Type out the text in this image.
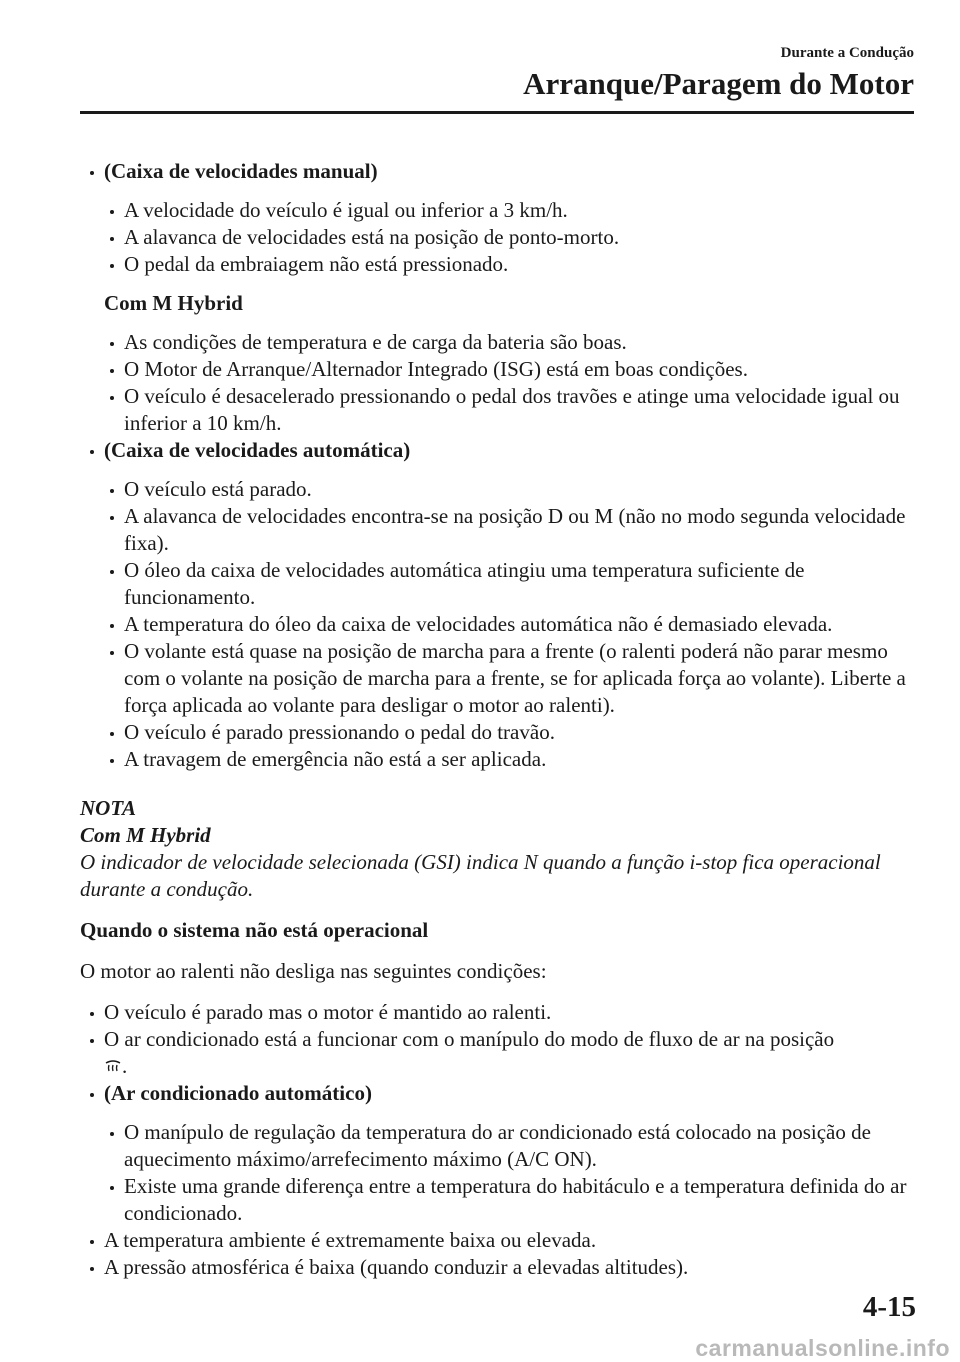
Durante a Condução
Arranque/Paragem do Motor
(Caixa de velocidades manual)
A velocidade do veículo é igual ou inferior a 3 km/h.
A alavanca de velocidades está na posição de ponto-morto.
O pedal da embraiagem não está pressionado.
Com M Hybrid
As condições de temperatura e de carga da bateria são boas.
O Motor de Arranque/Alternador Integrado (ISG) está em boas condições.
O veículo é desacelerado pressionando o pedal dos travões e atinge uma velocidade igual ou inferior a 10 km/h.
(Caixa de velocidades automática)
O veículo está parado.
A alavanca de velocidades encontra-se na posição D ou M (não no modo segunda velocidade fixa).
O óleo da caixa de velocidades automática atingiu uma temperatura suficiente de funcionamento.
A temperatura do óleo da caixa de velocidades automática não é demasiado elevada.
O volante está quase na posição de marcha para a frente (o ralenti poderá não parar mesmo com o volante na posição de marcha para a frente, se for aplicada força ao volante). Liberte a força aplicada ao volante para desligar o motor ao ralenti).
O veículo é parado pressionando o pedal do travão.
A travagem de emergência não está a ser aplicada.
NOTA
Com M Hybrid
O indicador de velocidade selecionada (GSI) indica N quando a função i-stop fica operacional durante a condução.
Quando o sistema não está operacional
O motor ao ralenti não desliga nas seguintes condições:
O veículo é parado mas o motor é mantido ao ralenti.
O ar condicionado está a funcionar com o manípulo do modo de fluxo de ar na posição
.
(Ar condicionado automático)
O manípulo de regulação da temperatura do ar condicionado está colocado na posição de aquecimento máximo/arrefecimento máximo (A/C ON).
Existe uma grande diferença entre a temperatura do habitáculo e a temperatura definida do ar condicionado.
A temperatura ambiente é extremamente baixa ou elevada.
A pressão atmosférica é baixa (quando conduzir a elevadas altitudes).
4-15
carmanualsonline.info
